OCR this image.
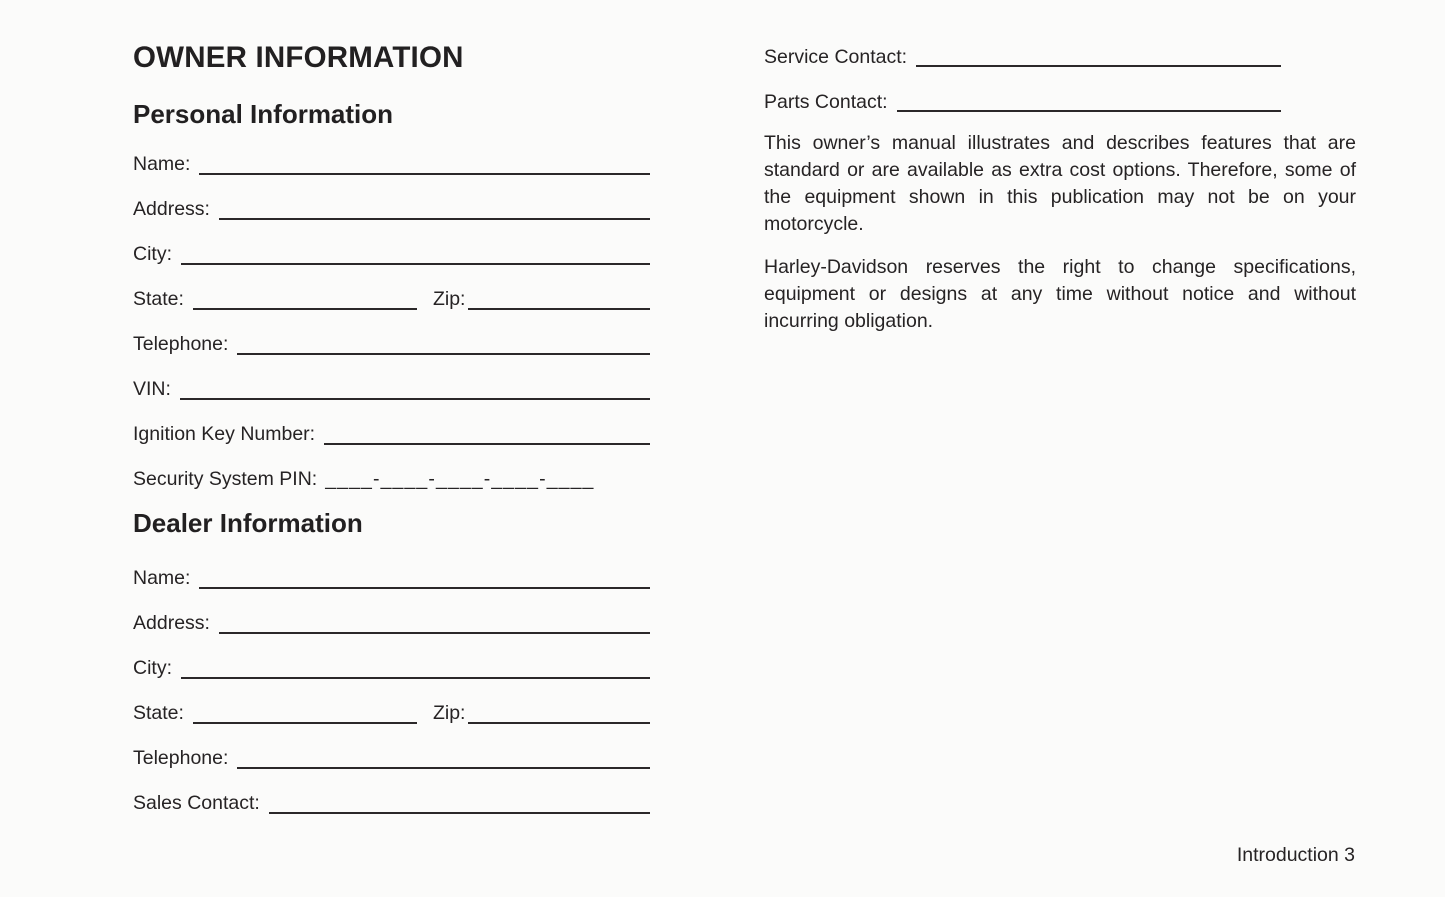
OWNER INFORMATION
Personal Information
Name:
Address:
City:
State:	Zip:
Telephone:
VIN:
Ignition Key Number:
Security System PIN: ____-____-____-____-____
Dealer Information
Name:
Address:
City:
State:	Zip:
Telephone:
Sales Contact:
Service Contact:
Parts Contact:

This owner’s manual illustrates and describes features that are standard or are available as extra cost options. Therefore, some of the equipment shown in this publication may not be on your motorcycle.

Harley-Davidson reserves the right to change specifications, equipment or designs at any time without notice and without incurring obligation.

Introduction 3
